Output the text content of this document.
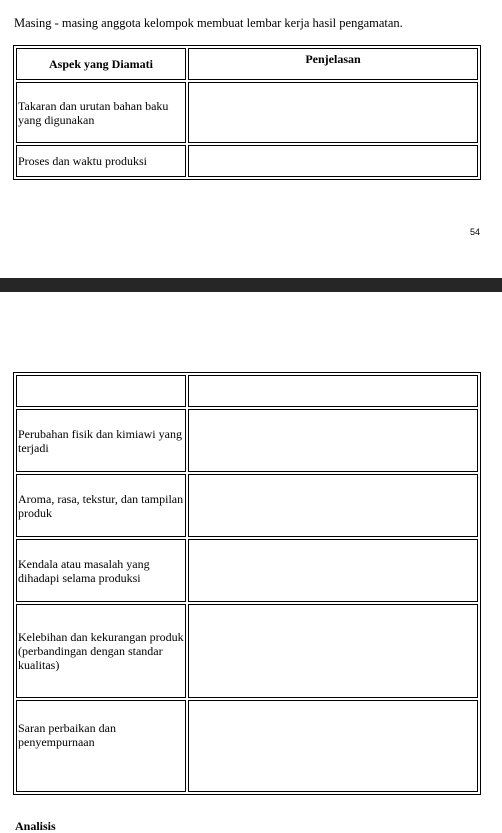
Masing - masing anggota kelompok membuat lembar kerja hasil pengamatan.

Aspek yang Diamati	Penjelasan
Takaran dan urutan bahan baku yang digunakan	
Proses dan waktu produksi	
54

Perubahan fisik dan kimiawi yang terjadi	
Aroma, rasa, tekstur, dan tampilan produk	
Kendala atau masalah yang dihadapi selama produksi	
Kelebihan dan kekurangan produk (perbandingan dengan standar kualitas)	
Saran perbaikan dan penyempurnaan	
Analisis
